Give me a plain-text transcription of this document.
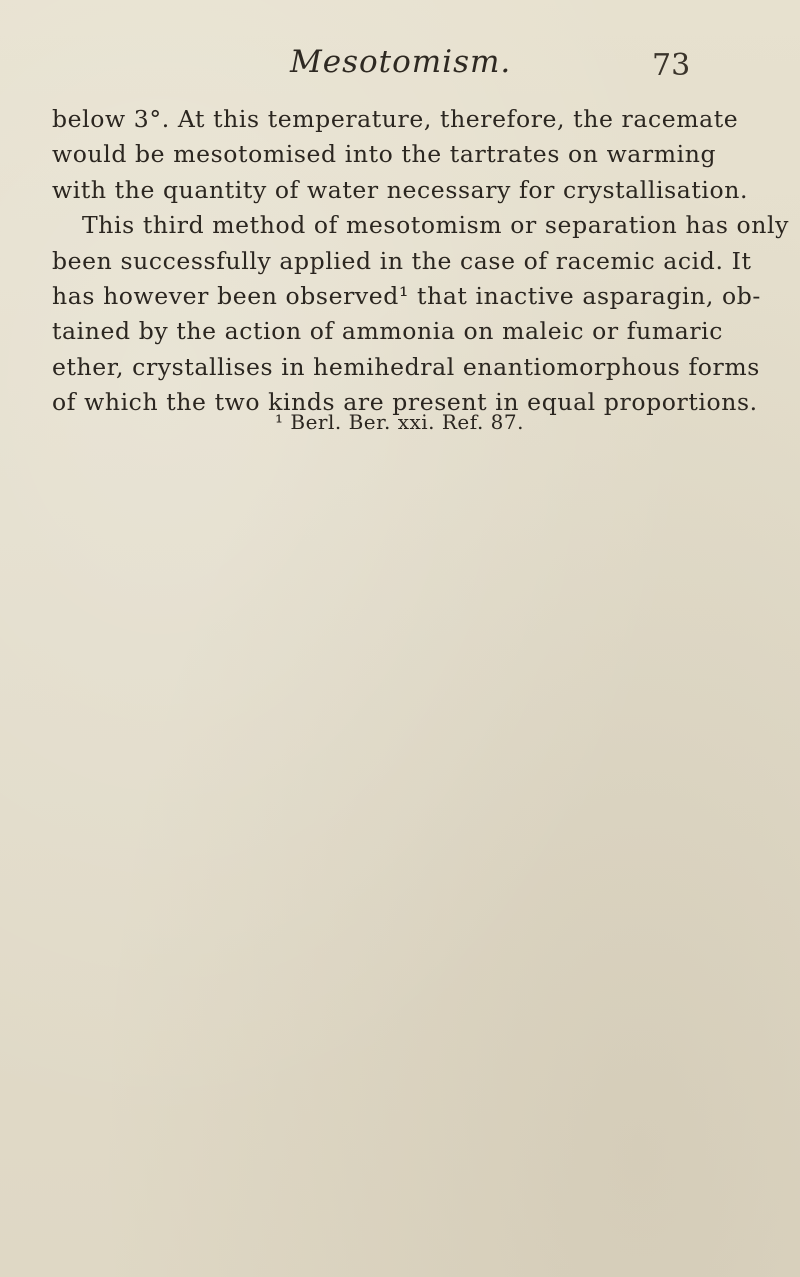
Mesotomism.	73
below 3°. At this temperature, therefore, the racemate
would be mesotomised into the tartrates on warming
with the quantity of water necessary for crystallisation.
This third method of mesotomism or separation has only
been successfully applied in the case of racemic acid. It
has however been observed¹ that inactive asparagin, ob-
tained by the action of ammonia on maleic or fumaric
ether, crystallises in hemihedral enantiomorphous forms
of which the two kinds are present in equal proportions.
¹ Berl. Ber. xxi. Ref. 87.
